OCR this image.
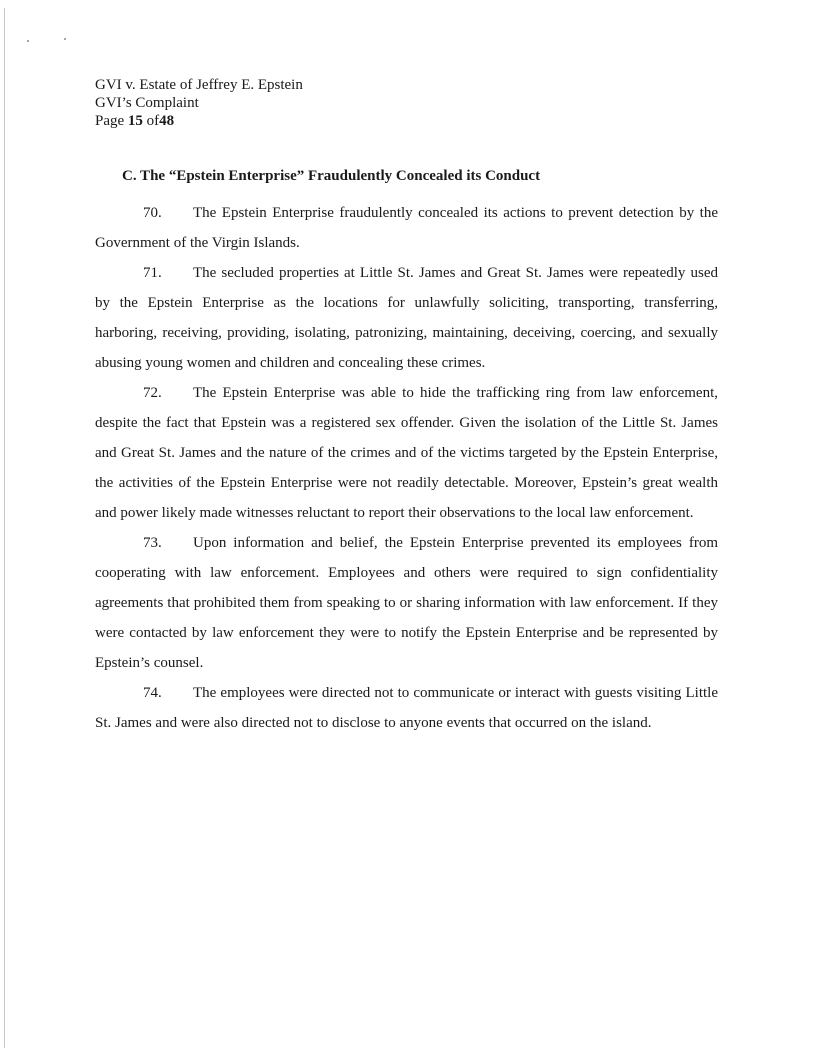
GVI v. Estate of Jeffrey E. Epstein
GVI’s Complaint
Page 15 of48
C. The “Epstein Enterprise” Fraudulently Concealed its Conduct

70. The Epstein Enterprise fraudulently concealed its actions to prevent detection by the Government of the Virgin Islands.

71. The secluded properties at Little St. James and Great St. James were repeatedly used by the Epstein Enterprise as the locations for unlawfully soliciting, transporting, transferring, harboring, receiving, providing, isolating, patronizing, maintaining, deceiving, coercing, and sexually abusing young women and children and concealing these crimes.

72. The Epstein Enterprise was able to hide the trafficking ring from law enforcement, despite the fact that Epstein was a registered sex offender. Given the isolation of the Little St. James and Great St. James and the nature of the crimes and of the victims targeted by the Epstein Enterprise, the activities of the Epstein Enterprise were not readily detectable. Moreover, Epstein’s great wealth and power likely made witnesses reluctant to report their observations to the local law enforcement.

73. Upon information and belief, the Epstein Enterprise prevented its employees from cooperating with law enforcement. Employees and others were required to sign confidentiality agreements that prohibited them from speaking to or sharing information with law enforcement. If they were contacted by law enforcement they were to notify the Epstein Enterprise and be represented by Epstein’s counsel.

74. The employees were directed not to communicate or interact with guests visiting Little St. James and were also directed not to disclose to anyone events that occurred on the island.
